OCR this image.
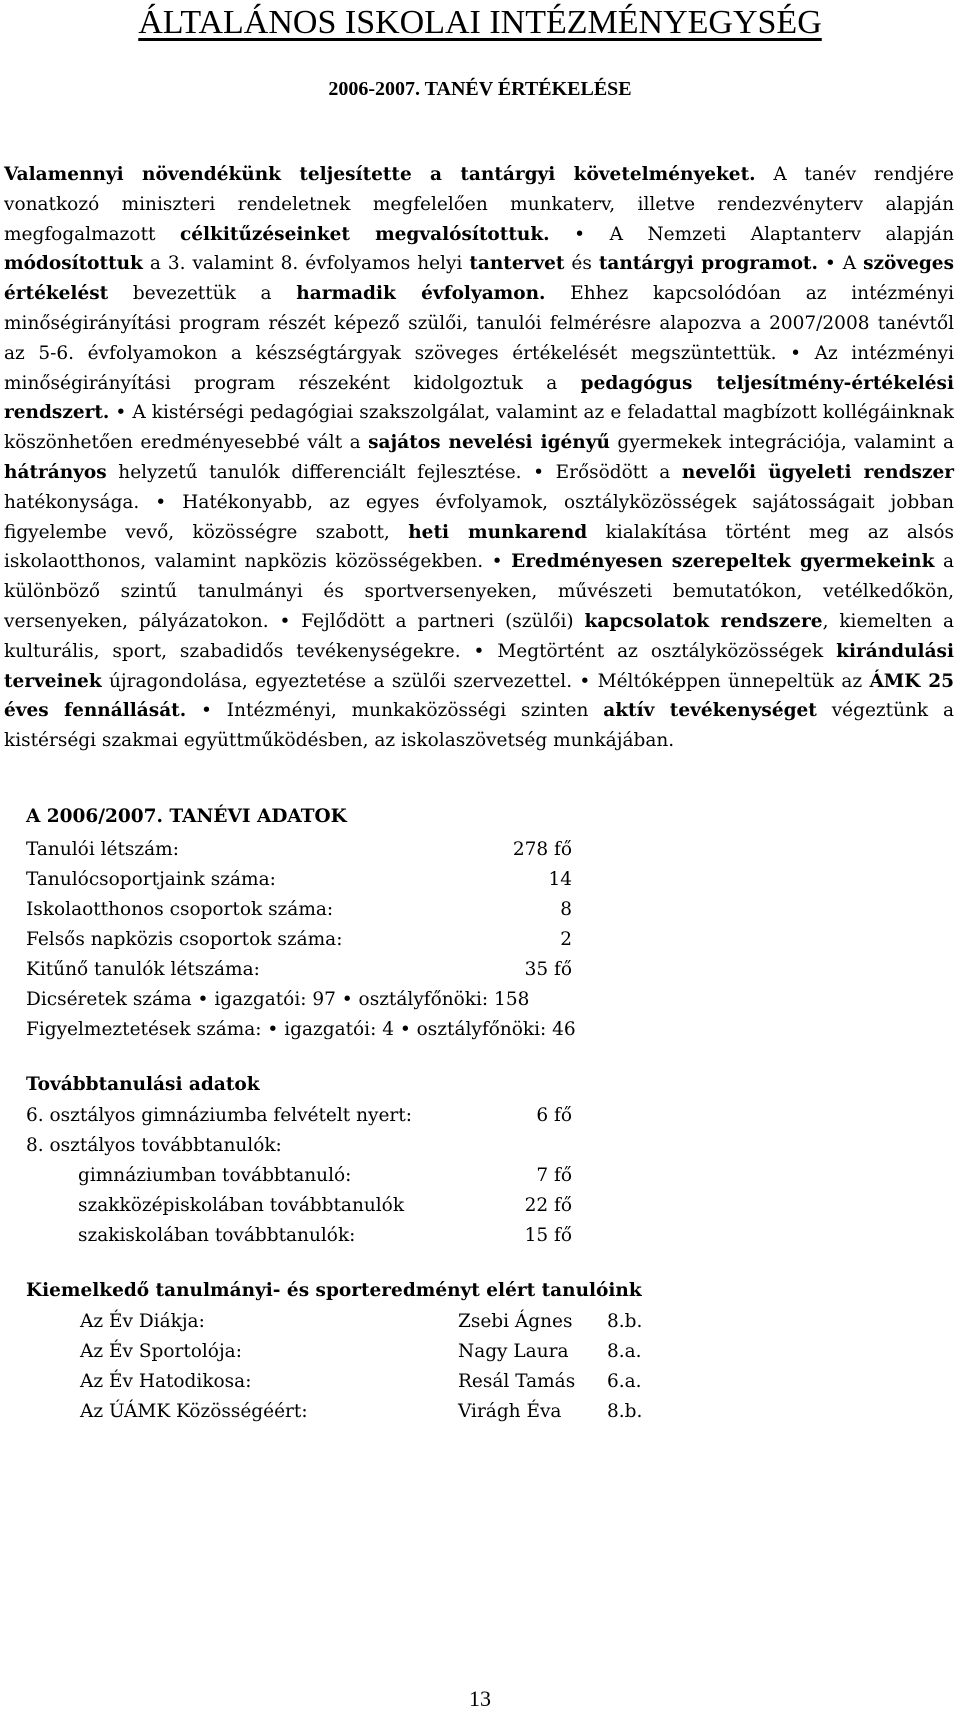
ÁLTALÁNOS ISKOLAI INTÉZMÉNYEGYSÉG
2006-2007. TANÉV ÉRTÉKELÉSE

Valamennyi növendékünk teljesítette a tantárgyi követelményeket. A tanév rendjére vonatkozó miniszteri rendeletnek megfelelően munkaterv, illetve rendezvényterv alapján megfogalmazott célkitűzéseinket megvalósítottuk. • A Nemzeti Alaptanterv alapján módosítottuk a 3. valamint 8. évfolyamos helyi tantervet és tantárgyi programot. • A szöveges értékelést bevezettük a harmadik évfolyamon. Ehhez kapcsolódóan az intézményi minőségirányítási program részét képező szülői, tanulói felmérésre alapozva a 2007/2008 tanévtől az 5-6. évfolyamokon a készségtárgyak szöveges értékelését megszüntettük. • Az intézményi minőségirányítási program részeként kidolgoztuk a pedagógus teljesítmény-értékelési rendszert. • A kistérségi pedagógiai szakszolgálat, valamint az e feladattal magbízott kollégáinknak köszönhetően eredményesebbé vált a sajátos nevelési igényű gyermekek integrációja, valamint a hátrányos helyzetű tanulók differenciált fejlesztése. • Erősödött a nevelői ügyeleti rendszer hatékonysága. • Hatékonyabb, az egyes évfolyamok, osztályközösségek sajátosságait jobban figyelembe vevő, közösségre szabott, heti munkarend kialakítása történt meg az alsós iskolaotthonos, valamint napközis közösségekben. • Eredményesen szerepeltek gyermekeink a különböző szintű tanulmányi és sportversenyeken, művészeti bemutatókon, vetélkedőkön, versenyeken, pályázatokon. • Fejlődött a partneri (szülői) kapcsolatok rendszere, kiemelten a kulturális, sport, szabadidős tevékenységekre. • Megtörtént az osztályközösségek kirándulási terveinek újragondolása, egyeztetése a szülői szervezettel. • Méltóképpen ünnepeltük az ÁMK 25 éves fennállását. • Intézményi, munkaközösségi szinten aktív tevékenységet végeztünk a kistérségi szakmai együttműködésben, az iskolaszövetség munkájában.

A 2006/2007. TANÉVI ADATOK
Tanulói létszám:	278 fő
Tanulócsoportjaink száma:	14
Iskolaotthonos csoportok száma:	8
Felsős napközis csoportok száma:	2
Kitűnő tanulók létszáma:	35 fő
Dicséretek száma • igazgatói: 97 • osztályfőnöki: 158
Figyelmeztetések száma: • igazgatói: 4 • osztályfőnöki: 46
Továbbtanulási adatok
6. osztályos gimnáziumba felvételt nyert:	6 fő
8. osztályos továbbtanulók:
gimnáziumban továbbtanuló:	7 fő
szakközépiskolában továbbtanulók	22 fő
szakiskolában továbbtanulók:	15 fő
Kiemelkedő tanulmányi- és sporteredményt elért tanulóink
Az Év Diákja:	Zsebi Ágnes 8.b.
Az Év Sportolója:	Nagy Laura 8.a.
Az Év Hatodikosa:	Resál Tamás 6.a.
Az ÚÁMK Közösségéért:	Virágh Éva 8.b.
13
